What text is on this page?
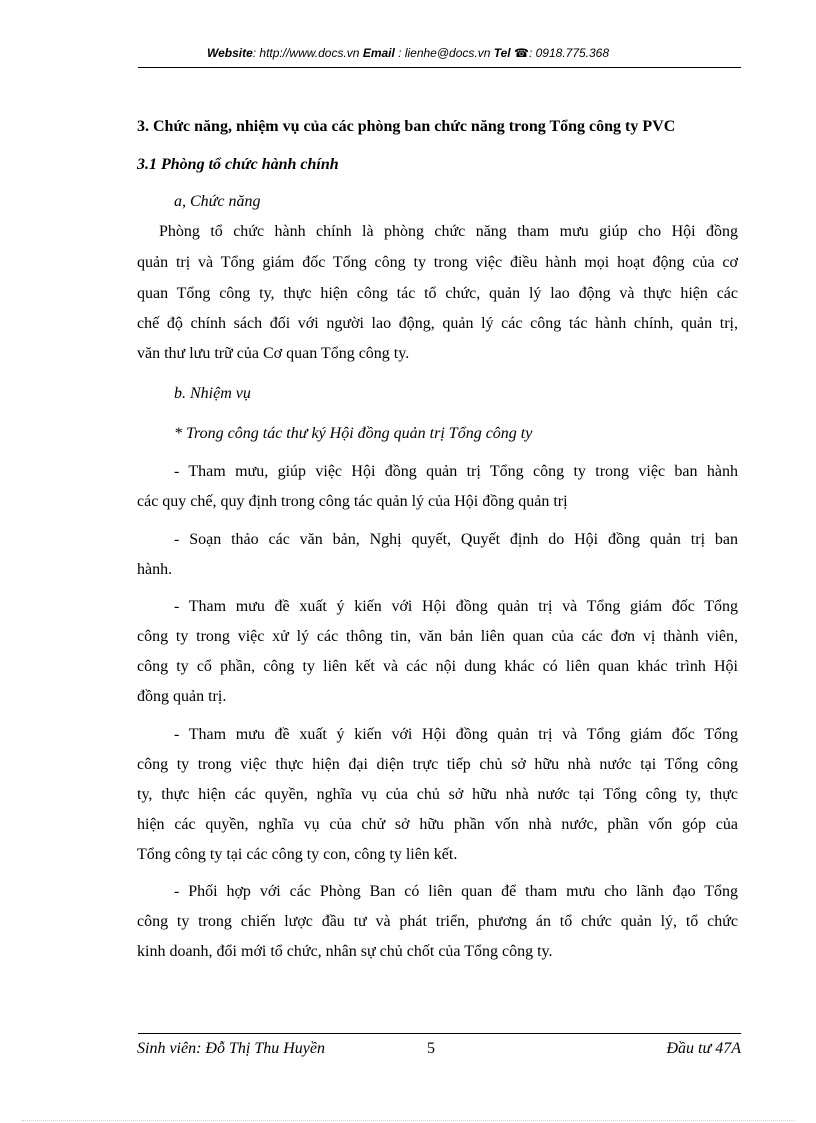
Website: http://www.docs.vn Email : lienhe@docs.vn Tel ☎: 0918.775.368
3. Chức năng, nhiệm vụ của các phòng ban chức năng trong Tổng công ty PVC
3.1 Phòng tổ chức hành chính
a, Chức năng
Phòng tổ chức hành chính là phòng chức năng tham mưu giúp cho Hội đồng
quản trị và Tổng giám đốc Tổng công ty trong việc điều hành mọi hoạt động của cơ
quan Tổng công ty, thực hiện công tác tổ chức, quản lý lao động và thực hiện các
chế độ chính sách đối với người lao động, quản lý các công tác hành chính, quản trị,
văn thư lưu trữ của Cơ quan Tổng công ty.
b. Nhiệm vụ
* Trong công tác thư ký Hội đồng quản trị Tổng công ty
- Tham mưu, giúp việc Hội đồng quản trị Tổng công ty trong việc ban hành
các quy chế, quy định trong công tác quản lý của Hội đồng quản trị
- Soạn thảo các văn bản, Nghị quyết, Quyết định do Hội đồng quản trị ban
hành.
- Tham mưu đề xuất ý kiến với Hội đồng quản trị và Tổng giám đốc Tổng
công ty trong việc xử lý các thông tin, văn bản liên quan của các đơn vị thành viên,
công ty cổ phần, công ty liên kết và các nội dung khác có liên quan khác trình Hội
đồng quản trị.
- Tham mưu đề xuất ý kiến với Hội đồng quản trị và Tổng giám đốc Tổng
công ty trong việc thực hiện đại diện trực tiếp chủ sở hữu nhà nước tại Tổng công
ty, thực hiện các quyền, nghĩa vụ của chủ sở hữu nhà nước tại Tổng công ty, thực
hiện các quyền, nghĩa vụ của chử sở hữu phần vốn nhà nước, phần vốn góp của
Tổng công ty tại các công ty con, công ty liên kết.
- Phối hợp với các Phòng Ban có liên quan để tham mưu cho lãnh đạo Tổng
công ty trong chiến lược đầu tư và phát triển, phương án tổ chức quản lý, tổ chức
kinh doanh, đổi mới tổ chức, nhân sự chủ chốt của Tổng công ty.
Sinh viên: Đỗ Thị Thu Huyền	5	Đầu tư 47A
